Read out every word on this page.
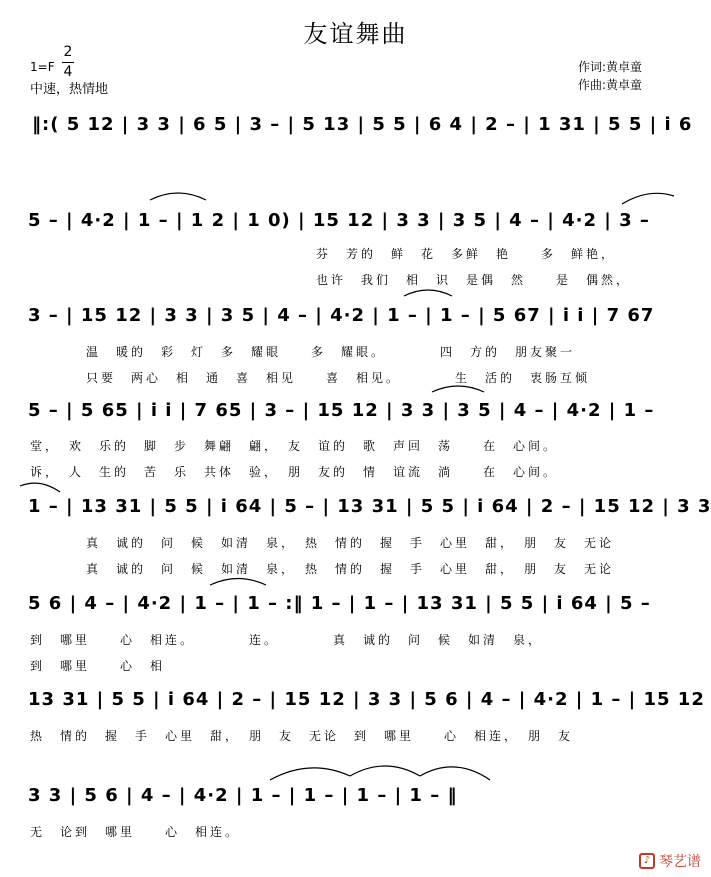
友谊舞曲
1=F
2
4
中速，热情地
作词:黄卓童
作曲:黄卓童
‖:( 5 12 | 3 3 | 6 5 | 3 – | 5 13 | 5 5 | 6 4 | 2 – | 1 31 | 5 5 | i 6
5 – | 4·2 | 1 – | 1 2 | 1 0) | 15 12 | 3 3 | 3 5 | 4 – | 4·2 | 3 –
芬　芳的　鲜　花　多鲜　艳　　多　鲜艳，
也许　我们　相　识　是偶　然　　是　偶然，
3 – | 15 12 | 3 3 | 3 5 | 4 – | 4·2 | 1 – | 1 – | 5 67 | i i | 7 67
温　暖的　彩　灯　多　耀眼　　多　耀眼。　　　　四　方的　朋友聚一
只要　两心　相　通　喜　相见　　喜　相见。　　　　生　活的　衷肠互倾
5 – | 5 65 | i i | 7 65 | 3 – | 15 12 | 3 3 | 3 5 | 4 – | 4·2 | 1 –
堂，　欢　乐的　脚　步　舞翩　翩，　友　谊的　歌　声回　荡　　在　心间。
诉，　人　生的　苦　乐　共体　验，　朋　友的　情　谊流　淌　　在　心间。
1 – | 13 31 | 5 5 | i 64 | 5 – | 13 31 | 5 5 | i 64 | 2 – | 15 12 | 3 3
真　诚的　问　候　如清　泉，　热　情的　握　手　心里　甜，　朋　友　无论
真　诚的　问　候　如清　泉，　热　情的　握　手　心里　甜，　朋　友　无论
5 6 | 4 – | 4·2 | 1 – | 1 – :‖ 1 – | 1 – | 13 31 | 5 5 | i 64 | 5 –
到　哪里　　心　相连。　　　　连。　　　　真　诚的　问　候　如清　泉，
到　哪里　　心　相
13 31 | 5 5 | i 64 | 2 – | 15 12 | 3 3 | 5 6 | 4 – | 4·2 | 1 – | 15 12
热　情的　握　手　心里　甜，　朋　友　无论　到　哪里　　心　相连，　朋　友
3 3 | 5 6 | 4 – | 4·2 | 1 – | 1 – | 1 – | 1 – ‖
无　论到　哪里　　心　相连。
♪ 琴艺谱
